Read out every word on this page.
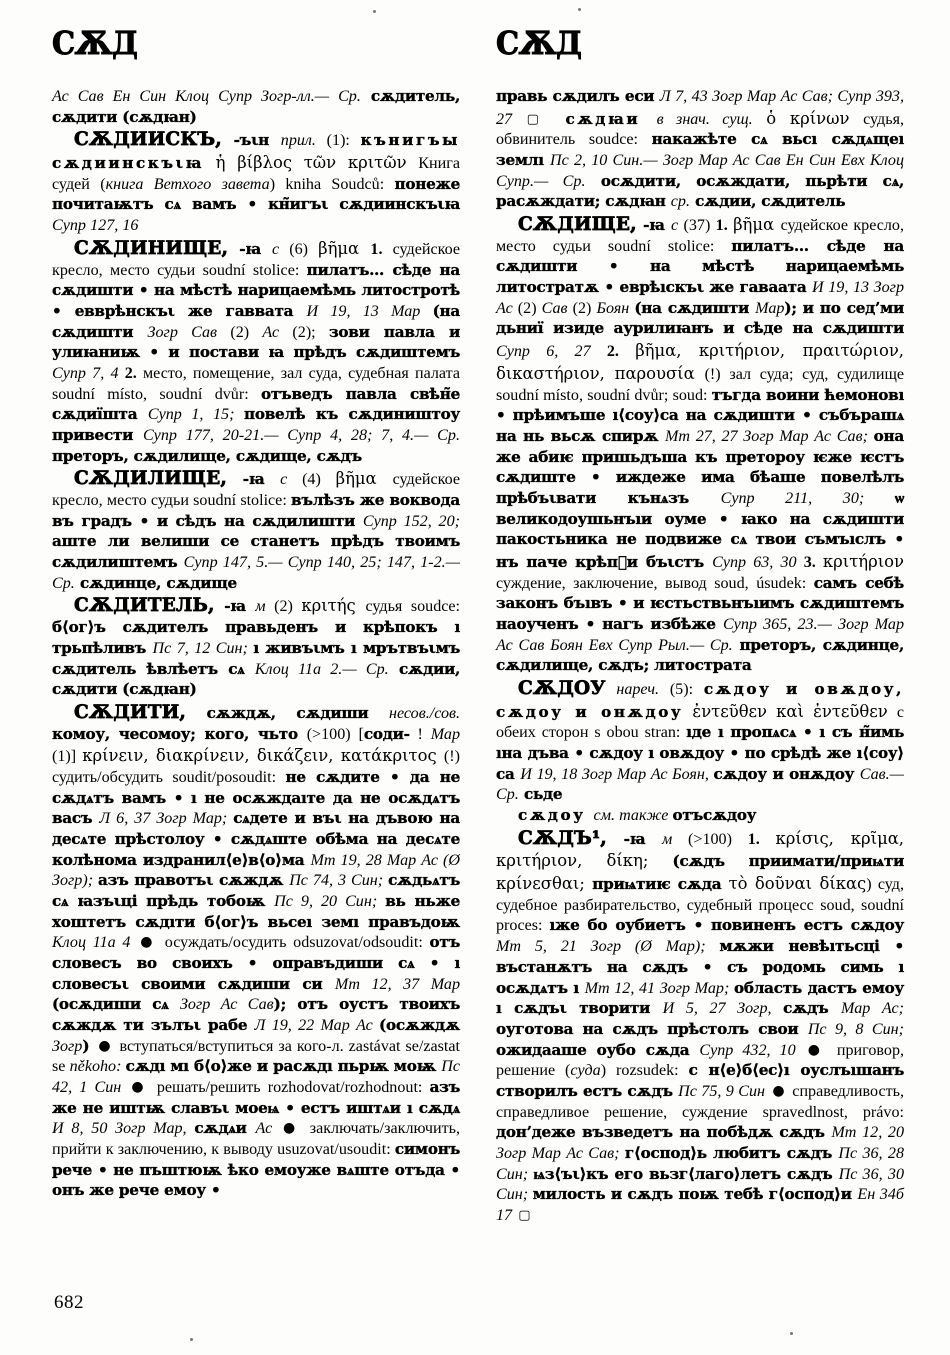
СѪД

Ас Сав Ен Син Клоц Супр Зогр-лл.— Ср. сѫдитель, сѫдити (сѫдꙗн)

СѪДИИСКЪ, -ъιн прил. (1): кънигъы сѫдиинскъιꙗ ἡ βίβλος τῶν κριτῶν Книга судей (книга Ветхого завета) kniha Soudců: понеже почитаѭтъ сѧ вамъ • кн̃игъι сѫдиинскъιꙗ Супр 127, 16

СѪДИНИЩЕ, -ꙗ с (6) βῆμα 1. судейское кресло, место судьи soudní stolice: пилатъ… сѣде на сѫдишти • на мѣстѣ нарицаемѣмь литостротѣ • евврѣнскъι же гаввата И 19, 13 Мар (на сѫдишти Зогр Сав (2) Ас (2); зови павла и улиꙗниѭ • и постави ꙗ прѣдъ сѫдиштемъ Супр 7, 4 2. место, помещение, зал суда, судебная палата soudní místo, soudní dvůr: отъведъ павла свѣн̃е сѫдиı̈шта Супр 1, 15; повелѣ къ сѫдиништоу привести Супр 177, 20-21.— Супр 4, 28; 7, 4.— Ср. преторъ, сѫдилище, сѫдище, сѫдъ

СѪДИЛИЩЕ, -ꙗ с (4) βῆμα судейское кресло, место судьи soudní stolice: вълѣзъ же воквода въ градъ • и сѣдъ на сѫдилишти Супр 152, 20; аште ли велиши се станетъ прѣдъ твоимъ сѫдилиштемъ Супр 147, 5.— Супр 140, 25; 147, 1-2.— Ср. сѫдинце, сѫдище

СѪДИТЕЛЬ, -ꙗ м (2) κριτής судья soudce: б⟨ог⟩ъ сѫдителъ правьденъ и крѣпокъ ı трьпѣливъ Пс 7, 12 Син; ı живъιмъ ı мрътвъιмъ сѫдитель ѣвлѣетъ сѧ Клоц 11а 2.— Ср. сѫдии, сѫдити (сѫдꙗн)

СѪДИТИ, сѫждѫ, сѫдиши несов./сов. комоу, чесомоу; кого, чьто (>100) [соди- ! Мар (1)] κρίνειν, διακρίνειν, δικάζειν, κατάκριτος (!) судить/обсудить soudit/posoudit: не сѫдите • да не сѫдѧтъ вамъ • ı не осѫждаıте да не осѫдѧтъ васъ Л 6, 37 Зогр Мар; сѧдете и въι на дъвою на десѧте прѣстолоу • сѫдѧште обѣма на десѧте колѣнома издранил⟨е⟩в⟨о⟩ма Мт 19, 28 Мар Ас (Ø Зогр); азъ правотъι сѫждѫ Пс 74, 3 Син; сѫдьѧтъ сѧ ꙗзъιці прѣдь тобоѭ Пс 9, 20 Син; вь ньже хоштетъ сѫдıти б⟨ог⟩ъ вьсеı земı правъдоѭ Клоц 11а 4 ● осуждать/осудить odsuzovat/odsoudit: отъ словесъ во своихъ • оправъдиши сѧ • ı словесъι своими сѫдиши си Мт 12, 37 Мар (осѫдиши сѧ Зогр Ас Сав); отъ оустъ твоихъ сѫждѫ ти зълъι рабе Л 19, 22 Мар Ас (осѫждѫ Зогр) ● вступаться/вступиться за кого-л. zastávat se/zastat se někoho: сѫдı мı б⟨о⟩же и расѫдı пьрѭ моѭ Пс 42, 1 Син ● решать/решить rozhodovat/rozhodnout: азъ же не иштѭ славъι моеѩ • естъ иштѧи ı сѫдѧ И 8, 50 Зогр Мар, сѫдѧи Ас ● заключать/заключить, прийти к заключению, к выводу usuzovat/usoudit: симонъ рече • не пъштюѭ ѣко емоуже вѧште отъда • онъ же рече емоу •

СѪД

правь сѫдилъ еси Л 7, 43 Зогр Мар Ас Сав; Супр 393, 27 ▢ сѫдꙗи в знач. сущ. ὁ κρίνων судья, обвинитель soudce: накажѣте сѧ вьсı сѫдѧщеı землı Пс 2, 10 Син.— Зогр Мар Ас Сав Ен Син Евх Клоц Супр.— Ср. осѫдити, осѫждати, пьрѣти сѧ, расѫждати; сѫдꙗн ср. сѫдии, сѫдитель

СѪДИЩЕ, -ꙗ с (37) 1. βῆμα судейское кресло, место судьи soudní stolice: пилатъ… сѣде на сѫдишти • на мѣстѣ нарицаемѣмь литостратѫ • еврѣıскъι же гавaата И 19, 13 Зогр Ас (2) Сав (2) Боян (на сѫдишти Мар); и по сед’ми дьниı̈ изиде аурилиꙗнъ и сѣде на сѫдишти Супр 6, 27 2. βῆμα, κριτήριον, πραιτώριον, δικαστήριον, παρουσία (!) зал суда; суд, судилище soudní místo, soudní dvůr; soud: тъгда воини ћемоновı • прѣимъше ı⟨соу⟩са на сѫдишти • събърашѧ на нь вьсѫ спирѫ Мт 27, 27 Зогр Мар Ас Сав; она же абиѥ пришьдъша къ претороу ѥже ѥстъ сѫдиште • иждеже има бѣаше повелѣлъ прѣбъιвати кънѧзъ Супр 211, 30; ѡ великодоушьнъıи оуме • ꙗко на сѫдишти пакостьника не подвиже сѧ твои съмъıслъ • нъ паче крѣпⷠи бъιстъ Супр 63, 30 3. κριτήριον суждение, заключение, вывод soud, úsudek: самъ себѣ законъ бъıвъ • и ѥстьствьнъıимъ сѫдиштемъ наоученъ • нагъ избѣже Супр 365, 23.— Зогр Мар Ас Сав Боян Евх Супр Рыл.— Ср. преторъ, сѫдинце, сѫдилище, сѫдъ; литострата

СѪДОУ нареч. (5): сѫдоу и овѫдоу, сѫдоу и онѫдоу ἐντεῦθεν καὶ ἐντεῦθεν с обеих сторон s obou stran: ıде ı пропѧсѧ • ı съ н̃имь ıна дъва • сѫдоу ı овѫдоу • по срѣдѣ же ı⟨соу⟩са И 19, 18 Зогр Мар Ас Боян, сѫдоу и онѫдоу Сав.— Ср. сьде

сѫдоу см. также отъсѫдоу

СѪДЪ¹, -ꙗ м (>100) 1. κρίσις, κρῖμα, κριτήριον, δίκη; (сѫдъ приимати/приѩти κρίνεσθαι; приѩтиѥ сѫда τὸ δοῦναι δίκας) суд, судебное разбирательство, судебный процесс soud, soudní proces: ıже бо оубиетъ • повиненъ естъ сѫдоу Мт 5, 21 Зогр (Ø Мар); мѫжи невѣıтьсці • въстанѫтъ на сѫдъ • съ родомь симь ı осѫдѧтъ ı Мт 12, 41 Зогр Мар; область дастъ емоу ı сѫдъι творити И 5, 27 Зогр, сѫдъ Мар Ас; оуготова на сѫдъ прѣстолъ свои Пс 9, 8 Син; ожидааше оубо сѫда Супр 432, 10 ● приговор, решение (суда) rozsudek: с н⟨е⟩б⟨ес⟩ı оуслъıшанъ створилъ естъ сѫдъ Пс 75, 9 Син ● справедливость, справедливое решение, суждение spravedlnost, právo: дон’деже възведетъ на побѣдѫ сѫдъ Мт 12, 20 Зогр Мар Ас Сав; г⟨оспод⟩ь любитъ сѫдъ Пс 36, 28 Син; ѩз⟨ъι⟩къ его вьзг⟨лаго⟩летъ сѫдъ Пс 36, 30 Син; милость и сѫдъ поѭ тебѣ г⟨оспод⟩и Ен 34б 17 ▢

682
